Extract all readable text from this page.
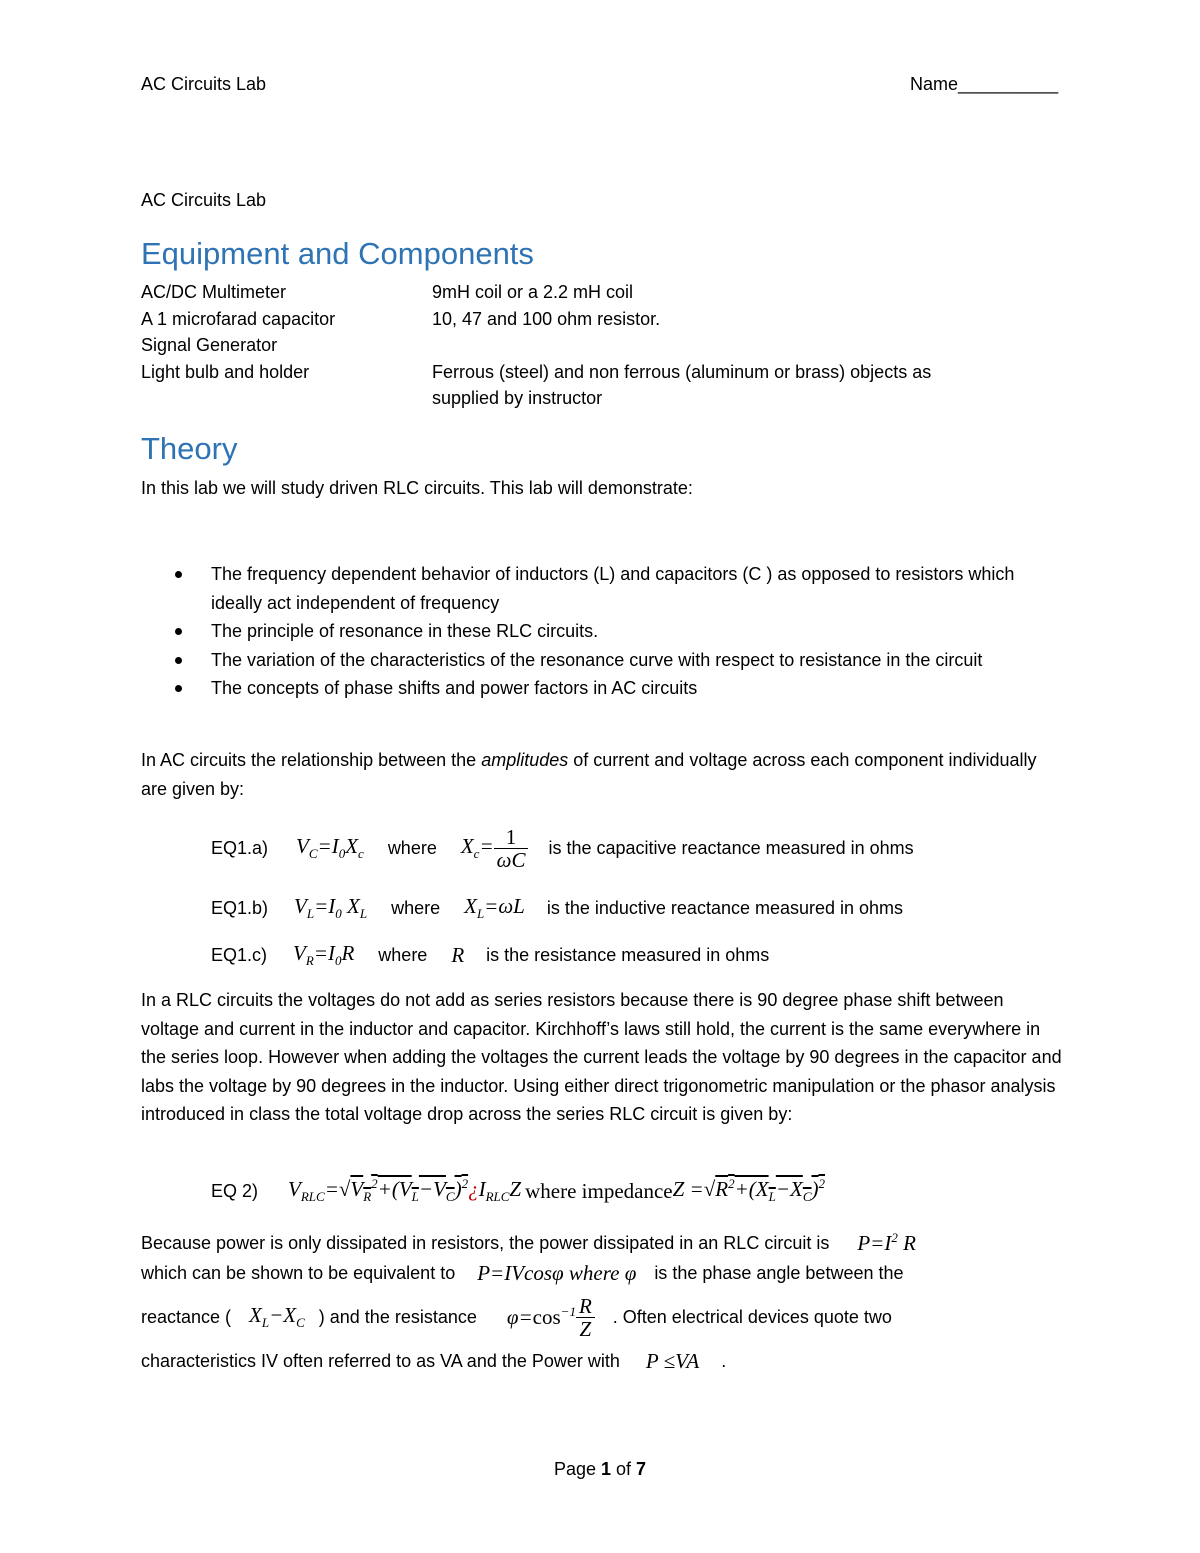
AC Circuits Lab	Name__________
AC Circuits Lab
Equipment and Components
AC/DC Multimeter
A 1 microfarad capacitor
Signal Generator
Light bulb and holder
9mH coil or a 2.2 mH coil
10, 47 and 100 ohm resistor.
Ferrous (steel) and non ferrous (aluminum or brass) objects as
supplied by instructor
Theory
In this lab we will study driven RLC circuits. This lab will demonstrate:
The frequency dependent behavior of inductors (L) and capacitors (C ) as opposed to resistors which ideally act independent of frequency
The principle of resonance in these RLC circuits.
The variation of the characteristics of the resonance curve with respect to resistance in the circuit
The concepts of phase shifts and power factors in AC circuits
In AC circuits the relationship between the amplitudes of current and voltage across each component individually are given by:
EQ1.a) $V_C=I_0X_c$ where $X_c= \frac{1}{\omega C}$ is the capacitive reactance measured in ohms
EQ1.b) $V_L=I_0$ $X_L$ where $X_L=\omega L$ is the inductive reactance measured in ohms
EQ1.c) $V_R=I_0R$ where R is the resistance measured in ohms
In a RLC circuits the voltages do not add as series resistors because there is 90 degree phase shift between voltage and current in the inductor and capacitor. Kirchhoff’s laws still hold, the current is the same everywhere in the series loop. However when adding the voltages the current leads the voltage by 90 degrees in the capacitor and labs the voltage by 90 degrees in the inductor. Using either direct trigonometric manipulation or the phasor analysis introduced in class the total voltage drop across the series RLC circuit is given by:
EQ 2) $V_{RLC}=√V_R^2+(V_L-V_C)^2¿I_{RLC}Z$ where impedance $Z =√R^2+(X_L-X_C)^2$
Because power is only dissipated in resistors, the power dissipated in an RLC circuit is $P=I^2$ R
which can be shown to be equivalent to P=IVcosφ where φ is the phase angle between the
reactance ( $X_L-X_C$ ) and the resistance $\varphi=\cos^{-1} \frac{R}{Z}$ . Often electrical devices quote two
characteristics IV often referred to as VA and the Power with P ≤VA .
Page 1 of 7
